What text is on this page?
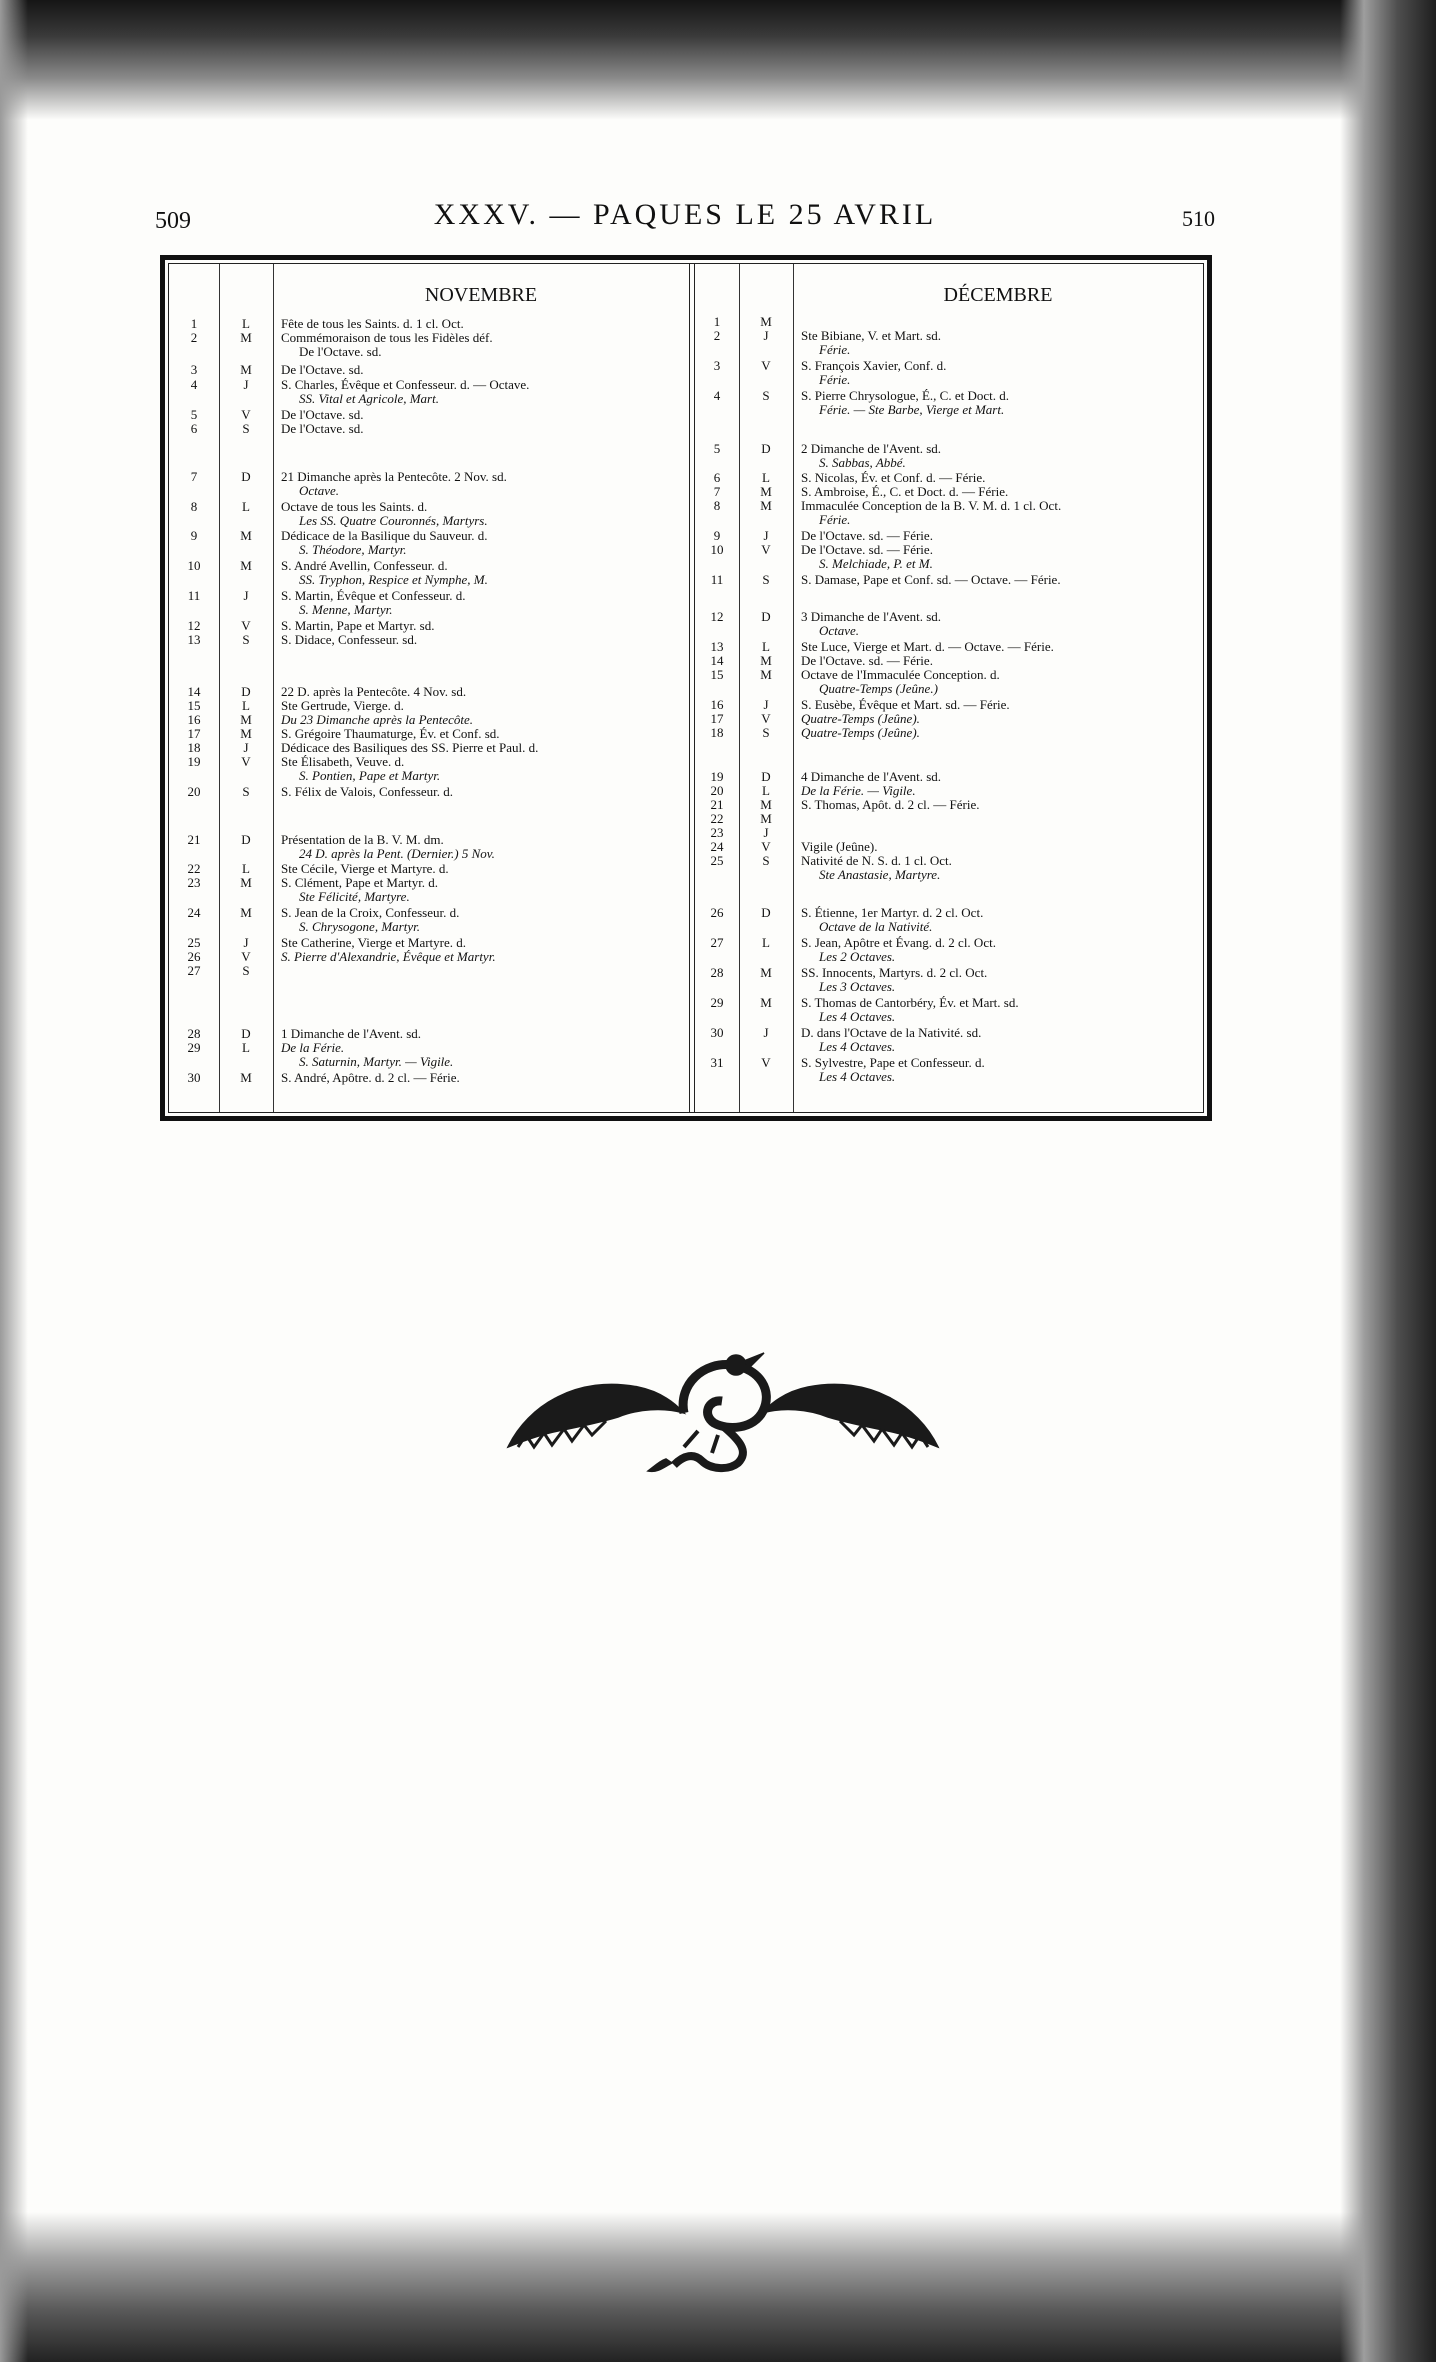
509	XXXV. — PAQUES LE 25 AVRIL	510
NOVEMBRE	DÉCEMBRE
1	L	Fête de tous les Saints. d. 1 cl. Oct.
2	M	Commémoraison de tous les Fidèles déf.
De l'Octave. sd.
3	M	De l'Octave. sd.
4	J	S. Charles, Évêque et Confesseur. d. — Octave.
SS. Vital et Agricole, Mart.
5	V	De l'Octave. sd.
6	S	De l'Octave. sd.
7	D	21 Dimanche après la Pentecôte. 2 Nov. sd.
Octave.
8	L	Octave de tous les Saints. d.
Les SS. Quatre Couronnés, Martyrs.
9	M	Dédicace de la Basilique du Sauveur. d.
S. Théodore, Martyr.
10	M	S. André Avellin, Confesseur. d.
SS. Tryphon, Respice et Nymphe, M.
11	J	S. Martin, Évêque et Confesseur. d.
S. Menne, Martyr.
12	V	S. Martin, Pape et Martyr. sd.
13	S	S. Didace, Confesseur. sd.
14	D	22 D. après la Pentecôte. 4 Nov. sd.
15	L	Ste Gertrude, Vierge. d.
16	M	Du 23 Dimanche après la Pentecôte.
17	M	S. Grégoire Thaumaturge, Év. et Conf. sd.
18	J	Dédicace des Basiliques des SS. Pierre et Paul. d.
19	V	Ste Élisabeth, Veuve. d.
S. Pontien, Pape et Martyr.
20	S	S. Félix de Valois, Confesseur. d.
21	D	Présentation de la B. V. M. dm.
24 D. après la Pent. (Dernier.) 5 Nov.
22	L	Ste Cécile, Vierge et Martyre. d.
23	M	S. Clément, Pape et Martyr. d.
Ste Félicité, Martyre.
24	M	S. Jean de la Croix, Confesseur. d.
S. Chrysogone, Martyr.
25	J	Ste Catherine, Vierge et Martyre. d.
26	V	S. Pierre d'Alexandrie, Évêque et Martyr.
27	S
28	D	1 Dimanche de l'Avent. sd.
29	L	De la Férie.
S. Saturnin, Martyr. — Vigile.
30	M	S. André, Apôtre. d. 2 cl. — Férie.
1	M
2	J	Ste Bibiane, V. et Mart. sd.
Férie.
3	V	S. François Xavier, Conf. d.
Férie.
4	S	S. Pierre Chrysologue, É., C. et Doct. d.
Férie. — Ste Barbe, Vierge et Mart.
5	D	2 Dimanche de l'Avent. sd.
S. Sabbas, Abbé.
6	L	S. Nicolas, Év. et Conf. d. — Férie.
7	M	S. Ambroise, É., C. et Doct. d. — Férie.
8	M	Immaculée Conception de la B. V. M. d. 1 cl. Oct.
Férie.
9	J	De l'Octave. sd. — Férie.
10	V	De l'Octave. sd. — Férie.
S. Melchiade, P. et M.
11	S	S. Damase, Pape et Conf. sd. — Octave. — Férie.
12	D	3 Dimanche de l'Avent. sd.
Octave.
13	L	Ste Luce, Vierge et Mart. d. — Octave. — Férie.
14	M	De l'Octave. sd. — Férie.
15	M	Octave de l'Immaculée Conception. d.
Quatre-Temps (Jeûne.)
16	J	S. Eusèbe, Évêque et Mart. sd. — Férie.
17	V	Quatre-Temps (Jeûne).
18	S	Quatre-Temps (Jeûne).
19	D	4 Dimanche de l'Avent. sd.
20	L	De la Férie. — Vigile.
21	M	S. Thomas, Apôt. d. 2 cl. — Férie.
22	M
23	J
24	V	Vigile (Jeûne).
25	S	Nativité de N. S. d. 1 cl. Oct.
Ste Anastasie, Martyre.
26	D	S. Étienne, 1er Martyr. d. 2 cl. Oct.
Octave de la Nativité.
27	L	S. Jean, Apôtre et Évang. d. 2 cl. Oct.
Les 2 Octaves.
28	M	SS. Innocents, Martyrs. d. 2 cl. Oct.
Les 3 Octaves.
29	M	S. Thomas de Cantorbéry, Év. et Mart. sd.
Les 4 Octaves.
30	J	D. dans l'Octave de la Nativité. sd.
Les 4 Octaves.
31	V	S. Sylvestre, Pape et Confesseur. d.
Les 4 Octaves.
